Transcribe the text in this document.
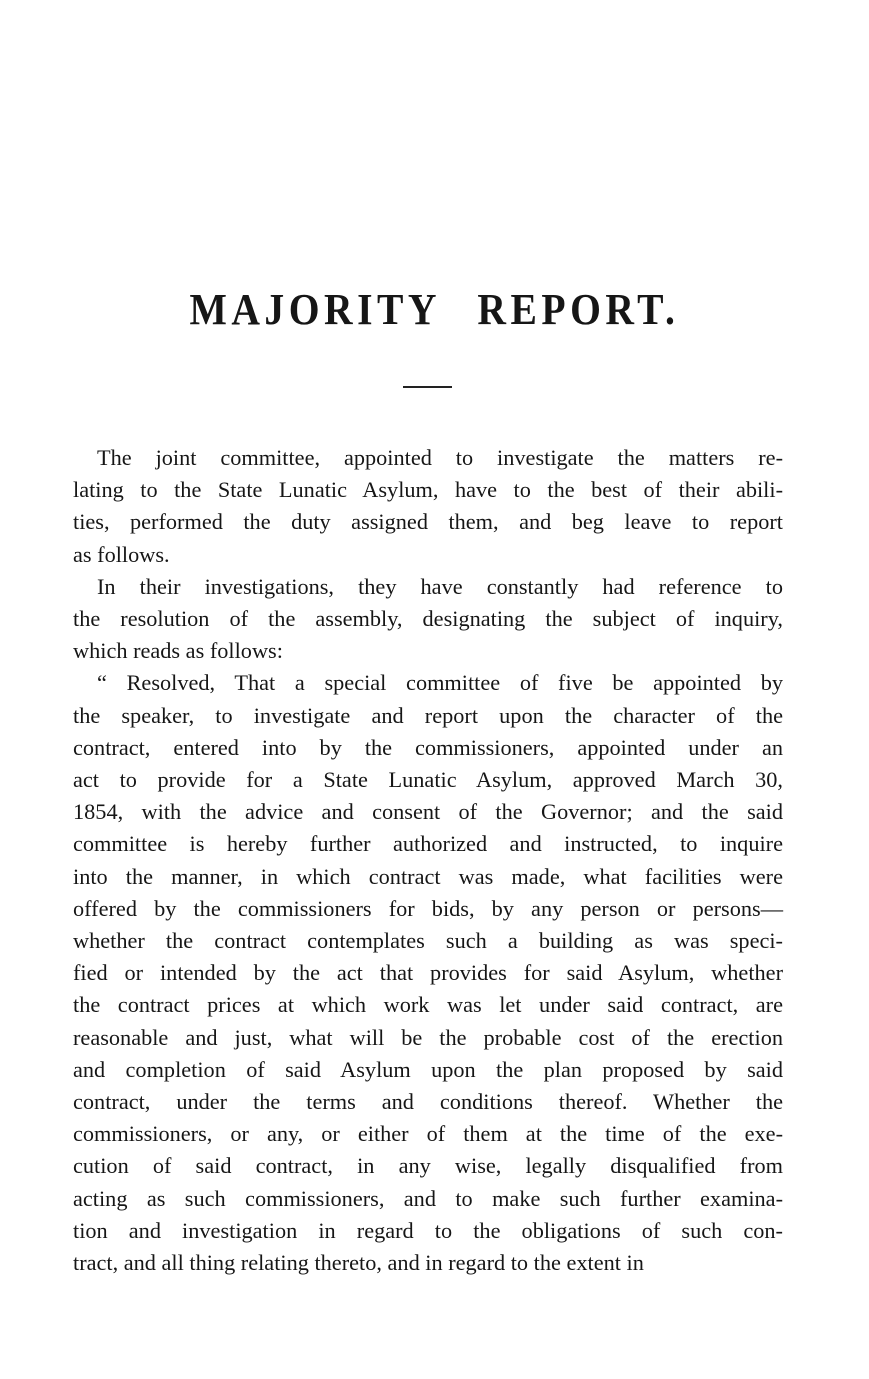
MAJORITY REPORT.
The joint committee, appointed to investigate the matters re-
lating to the State Lunatic Asylum, have to the best of their abili-
ties, performed the duty assigned them, and beg leave to report
as follows.
In their investigations, they have constantly had reference to
the resolution of the assembly, designating the subject of inquiry,
which reads as follows:
“ Resolved, That a special committee of five be appointed by
the speaker, to investigate and report upon the character of the
contract, entered into by the commissioners, appointed under an
act to provide for a State Lunatic Asylum, approved March 30,
1854, with the advice and consent of the Governor; and the said
committee is hereby further authorized and instructed, to inquire
into the manner, in which contract was made, what facilities were
offered by the commissioners for bids, by any person or persons—
whether the contract contemplates such a building as was speci-
fied or intended by the act that provides for said Asylum, whether
the contract prices at which work was let under said contract, are
reasonable and just, what will be the probable cost of the erection
and completion of said Asylum upon the plan proposed by said
contract, under the terms and conditions thereof. Whether the
commissioners, or any, or either of them at the time of the exe-
cution of said contract, in any wise, legally disqualified from
acting as such commissioners, and to make such further examina-
tion and investigation in regard to the obligations of such con-
tract, and all thing relating thereto, and in regard to the extent in
